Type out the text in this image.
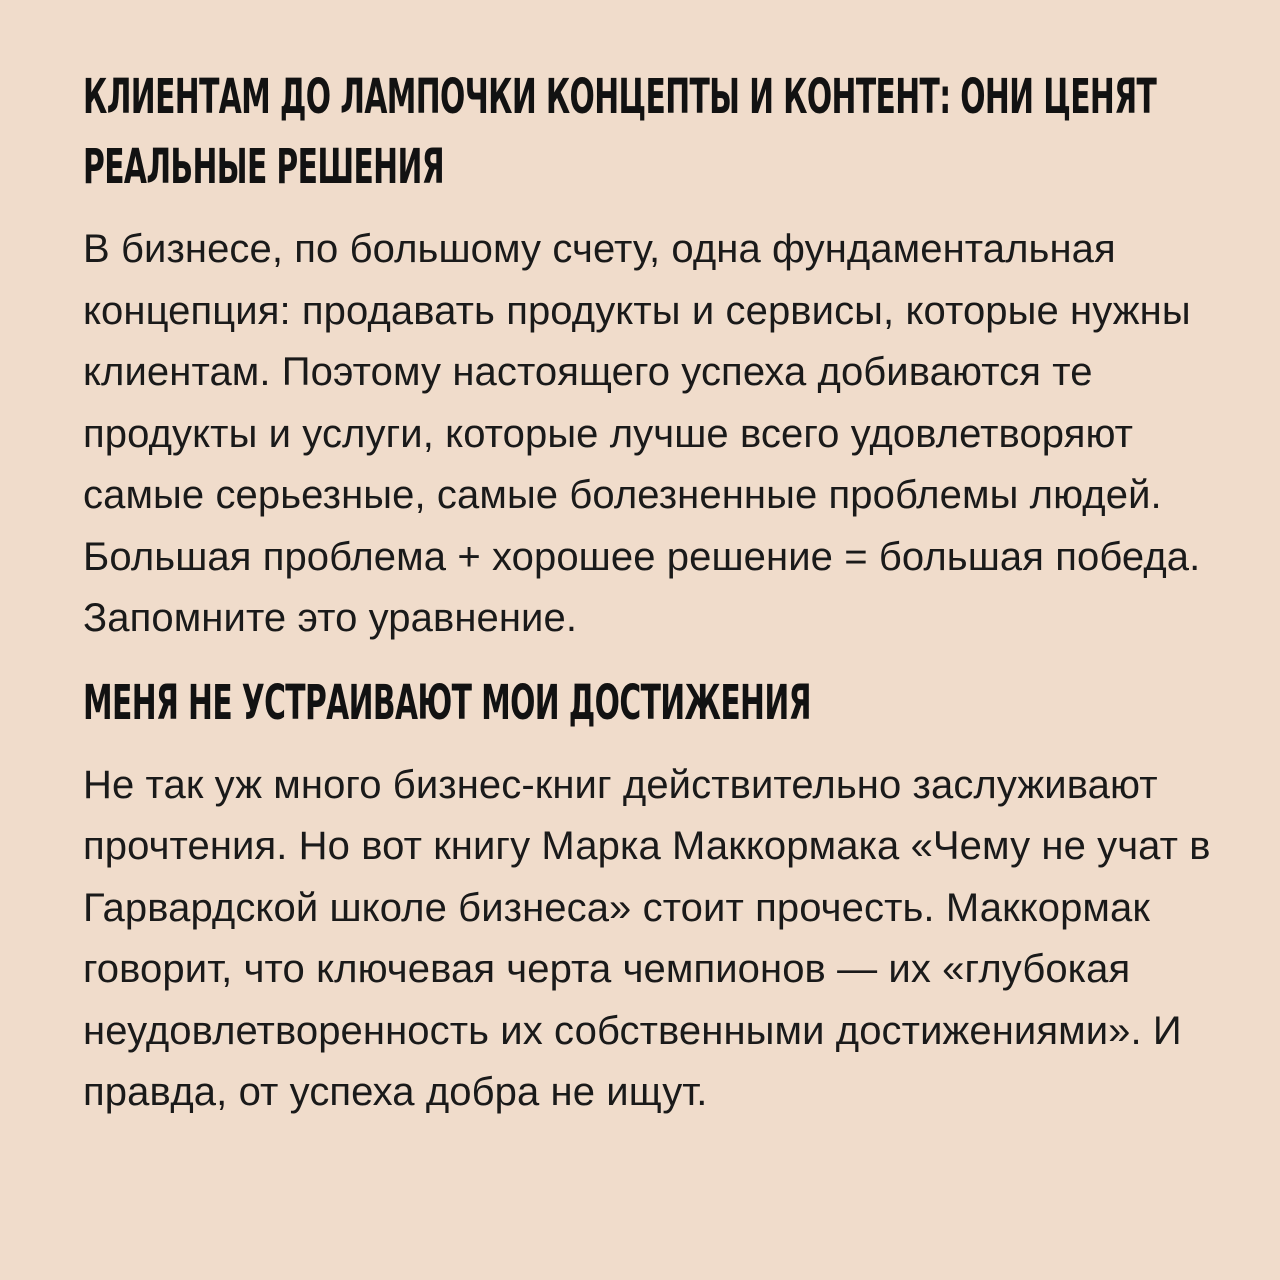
КЛИЕНТАМ ДО ЛАМПОЧКИ КОНЦЕПТЫ И КОНТЕНТ: ОНИ ЦЕНЯТ РЕАЛЬНЫЕ РЕШЕНИЯ

В бизнесе, по большому счету, одна фундаментальная концепция: продавать продукты и сервисы, которые нужны клиентам. Поэтому настоящего успеха добиваются те продукты и услуги, которые лучше всего удовлетворяют самые серьезные, самые болезненные проблемы людей. Большая проблема + хорошее решение = большая победа. Запомните это уравнение.

МЕНЯ НЕ УСТРАИВАЮТ МОИ ДОСТИЖЕНИЯ

Не так уж много бизнес-книг действительно заслуживают прочтения. Но вот книгу Марка Маккормака «Чему не учат в Гарвардской школе бизнеса» стоит прочесть. Маккормак говорит, что ключевая черта чемпионов — их «глубокая неудовлетворенность их собственными достижениями». И правда, от успеха добра не ищут.
